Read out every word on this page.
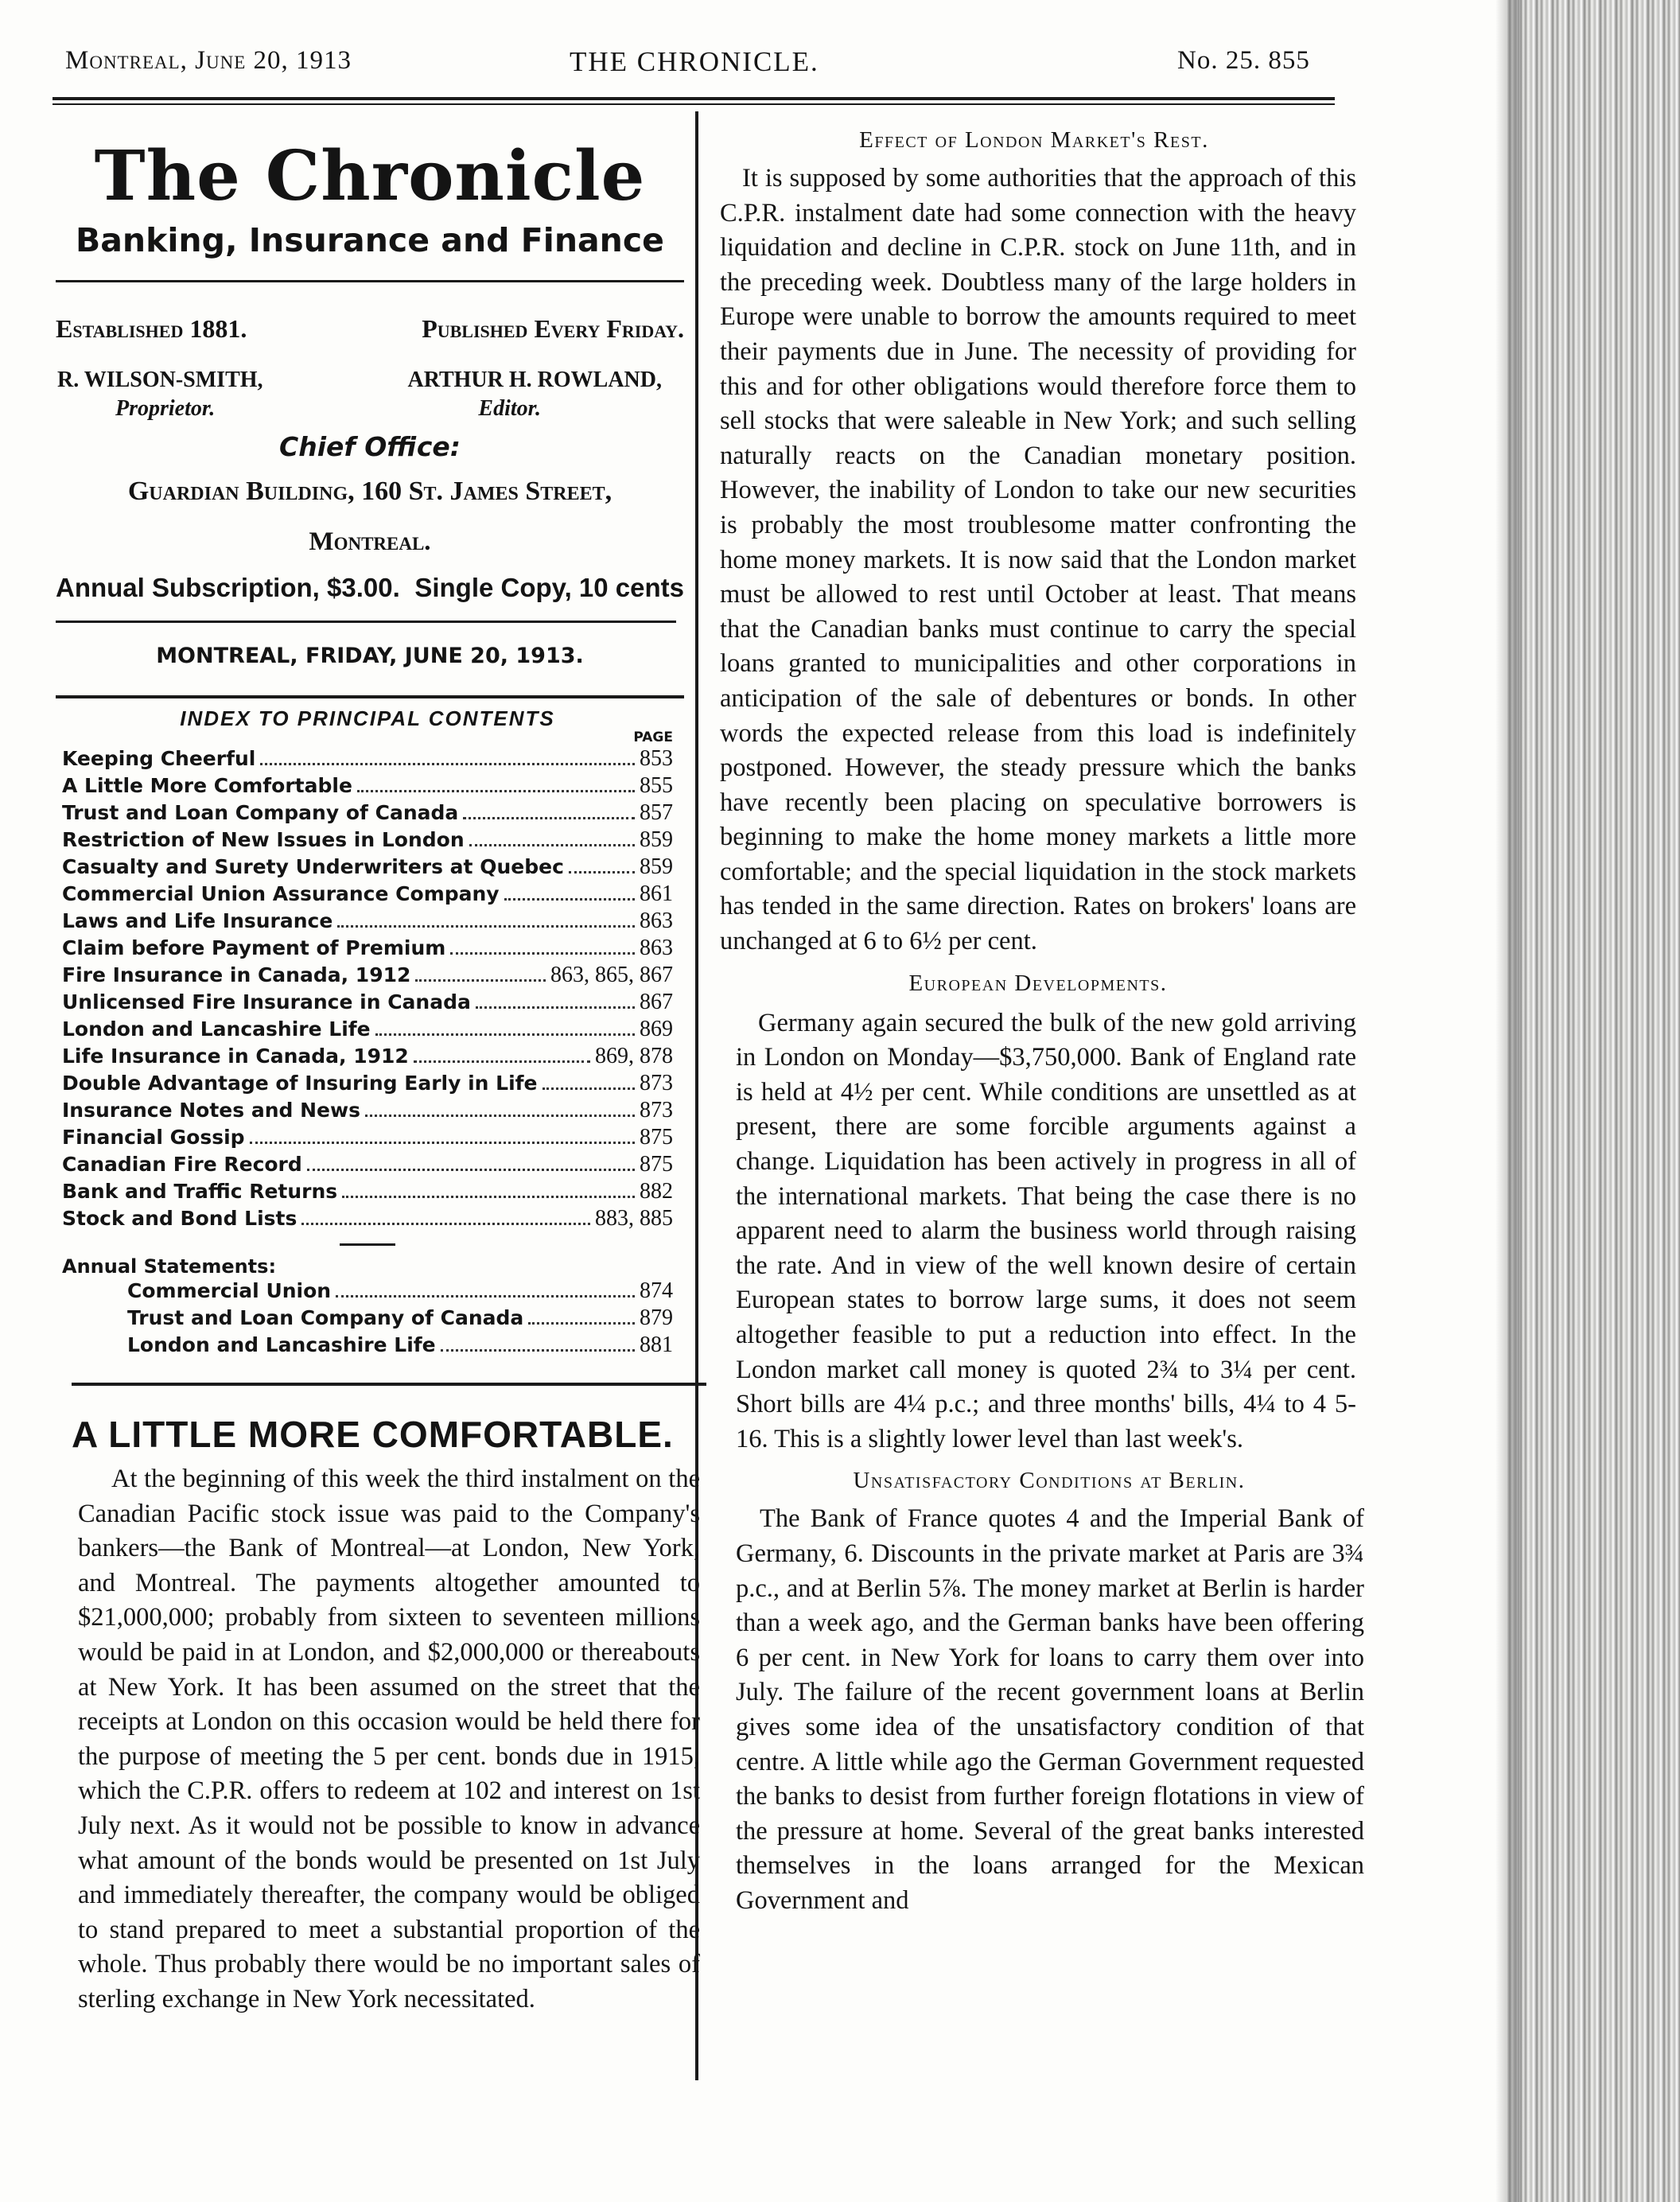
Montreal, June 20, 1913	THE CHRONICLE.	No. 25. 855
The Chronicle
Banking, Insurance and Finance
Established 1881.	Published Every Friday.
R. WILSON-SMITH,	ARTHUR H. ROWLAND,
Proprietor.	Editor.
Chief Office:
Guardian Building, 160 St. James Street,
Montreal.
Annual Subscription, $3.00. Single Copy, 10 cents
MONTREAL, FRIDAY, JUNE 20, 1913.
INDEX TO PRINCIPAL CONTENTS
PAGE
Keeping Cheerful	853
A Little More Comfortable	855
Trust and Loan Company of Canada	857
Restriction of New Issues in London	859
Casualty and Surety Underwriters at Quebec	859
Commercial Union Assurance Company	861
Laws and Life Insurance	863
Claim before Payment of Premium	863
Fire Insurance in Canada, 1912	863, 865, 867
Unlicensed Fire Insurance in Canada	867
London and Lancashire Life	869
Life Insurance in Canada, 1912	869, 878
Double Advantage of Insuring Early in Life	873
Insurance Notes and News	873
Financial Gossip	875
Canadian Fire Record	875
Bank and Traffic Returns	882
Stock and Bond Lists	883, 885
Annual Statements:
Commercial Union	874
Trust and Loan Company of Canada	879
London and Lancashire Life	881
A LITTLE MORE COMFORTABLE.

At the beginning of this week the third instalment on the Canadian Pacific stock issue was paid to the Company's bankers—the Bank of Montreal—at London, New York, and Montreal. The payments altogether amounted to $21,000,000; probably from sixteen to seventeen millions would be paid in at London, and $2,000,000 or thereabouts at New York. It has been assumed on the street that the receipts at London on this occasion would be held there for the purpose of meeting the 5 per cent. bonds due in 1915, which the C.P.R. offers to redeem at 102 and interest on 1st July next. As it would not be possible to know in advance what amount of the bonds would be presented on 1st July and immediately thereafter, the company would be obliged to stand prepared to meet a substantial proportion of the whole. Thus probably there would be no important sales of sterling exchange in New York necessitated.

Effect of London Market's Rest.

It is supposed by some authorities that the approach of this C.P.R. instalment date had some connection with the heavy liquidation and decline in C.P.R. stock on June 11th, and in the preceding week. Doubtless many of the large holders in Europe were unable to borrow the amounts required to meet their payments due in June. The necessity of providing for this and for other obligations would therefore force them to sell stocks that were saleable in New York; and such selling naturally reacts on the Canadian monetary position. However, the inability of London to take our new securities is probably the most troublesome matter confronting the home money markets. It is now said that the London market must be allowed to rest until October at least. That means that the Canadian banks must continue to carry the special loans granted to municipalities and other corporations in anticipation of the sale of debentures or bonds. In other words the expected release from this load is indefinitely postponed. However, the steady pressure which the banks have recently been placing on speculative borrowers is beginning to make the home money markets a little more comfortable; and the special liquidation in the stock markets has tended in the same direction. Rates on brokers' loans are unchanged at 6 to 6½ per cent.

European Developments.

Germany again secured the bulk of the new gold arriving in London on Monday—$3,750,000. Bank of England rate is held at 4½ per cent. While conditions are unsettled as at present, there are some forcible arguments against a change. Liquidation has been actively in progress in all of the international markets. That being the case there is no apparent need to alarm the business world through raising the rate. And in view of the well known desire of certain European states to borrow large sums, it does not seem altogether feasible to put a reduction into effect. In the London market call money is quoted 2¾ to 3¼ per cent. Short bills are 4¼ p.c.; and three months' bills, 4¼ to 4 5-16. This is a slightly lower level than last week's.

Unsatisfactory Conditions at Berlin.

The Bank of France quotes 4 and the Imperial Bank of Germany, 6. Discounts in the private market at Paris are 3¾ p.c., and at Berlin 5⅞. The money market at Berlin is harder than a week ago, and the German banks have been offering 6 per cent. in New York for loans to carry them over into July. The failure of the recent government loans at Berlin gives some idea of the unsatisfactory condition of that centre. A little while ago the German Government requested the banks to desist from further foreign flotations in view of the pressure at home. Several of the great banks interested themselves in the loans arranged for the Mexican Government and
